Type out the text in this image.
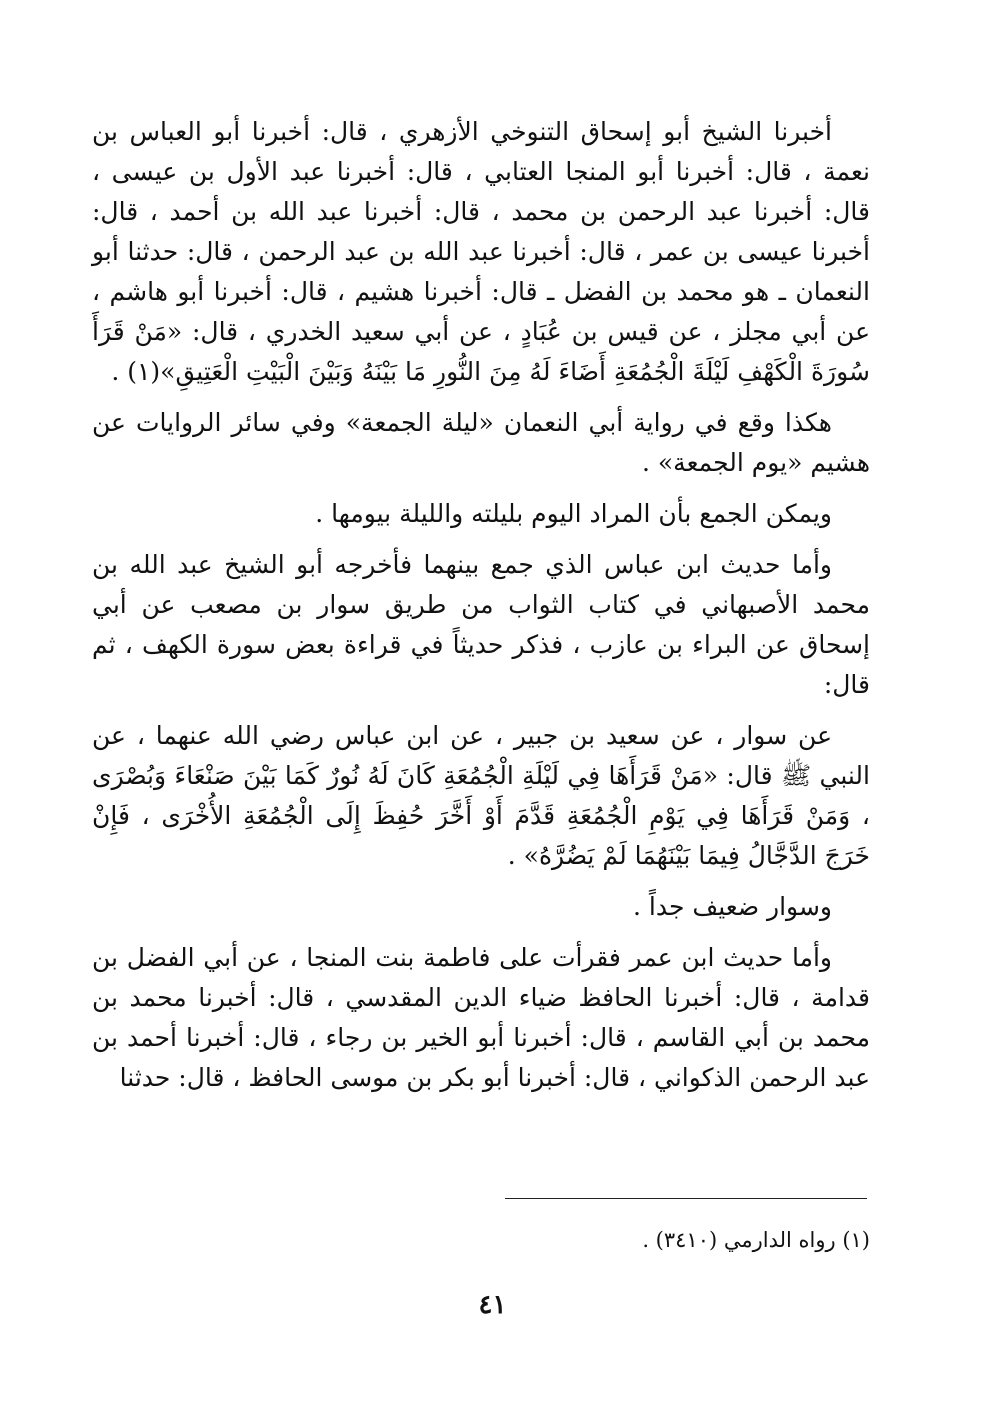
أخبرنا الشيخ أبو إسحاق التنوخي الأزهري ، قال: أخبرنا أبو العباس بن نعمة ، قال: أخبرنا أبو المنجا العتابي ، قال: أخبرنا عبد الأول بن عيسى ، قال: أخبرنا عبد الرحمن بن محمد ، قال: أخبرنا عبد الله بن أحمد ، قال: أخبرنا عيسى بن عمر ، قال: أخبرنا عبد الله بن عبد الرحمن ، قال: حدثنا أبو النعمان ـ هو محمد بن الفضل ـ قال: أخبرنا هشيم ، قال: أخبرنا أبو هاشم ، عن أبي مجلز ، عن قيس بن عُبَادٍ ، عن أبي سعيد الخدري ، قال: «مَنْ قَرَأَ سُورَةَ الْكَهْفِ لَيْلَةَ الْجُمُعَةِ أَضَاءَ لَهُ مِنَ النُّورِ مَا بَيْنَهُ وَبَيْنَ الْبَيْتِ الْعَتِيقِ»(١) .

هكذا وقع في رواية أبي النعمان «ليلة الجمعة» وفي سائر الروايات عن هشيم «يوم الجمعة» .

ويمكن الجمع بأن المراد اليوم بليلته والليلة بيومها .

وأما حديث ابن عباس الذي جمع بينهما فأخرجه أبو الشيخ عبد الله بن محمد الأصبهاني في كتاب الثواب من طريق سوار بن مصعب عن أبي إسحاق عن البراء بن عازب ، فذكر حديثاً في قراءة بعض سورة الكهف ، ثم قال:

عن سوار ، عن سعيد بن جبير ، عن ابن عباس رضي الله عنهما ، عن النبي ﷺ قال: «مَنْ قَرَأَهَا فِي لَيْلَةِ الْجُمُعَةِ كَانَ لَهُ نُورٌ كَمَا بَيْنَ صَنْعَاءَ وَبُصْرَى ، وَمَنْ قَرَأَهَا فِي يَوْمِ الْجُمُعَةِ قَدَّمَ أَوْ أَخَّرَ حُفِظَ إِلَى الْجُمُعَةِ الأُخْرَى ، فَإِنْ خَرَجَ الدَّجَّالُ فِيمَا بَيْنَهُمَا لَمْ يَضُرَّهُ» .

وسوار ضعيف جداً .

وأما حديث ابن عمر فقرأت على فاطمة بنت المنجا ، عن أبي الفضل بن قدامة ، قال: أخبرنا الحافظ ضياء الدين المقدسي ، قال: أخبرنا محمد بن محمد بن أبي القاسم ، قال: أخبرنا أبو الخير بن رجاء ، قال: أخبرنا أحمد بن عبد الرحمن الذكواني ، قال: أخبرنا أبو بكر بن موسى الحافظ ، قال: حدثنا

(١) رواه الدارمي (٣٤١٠) .
٤١
